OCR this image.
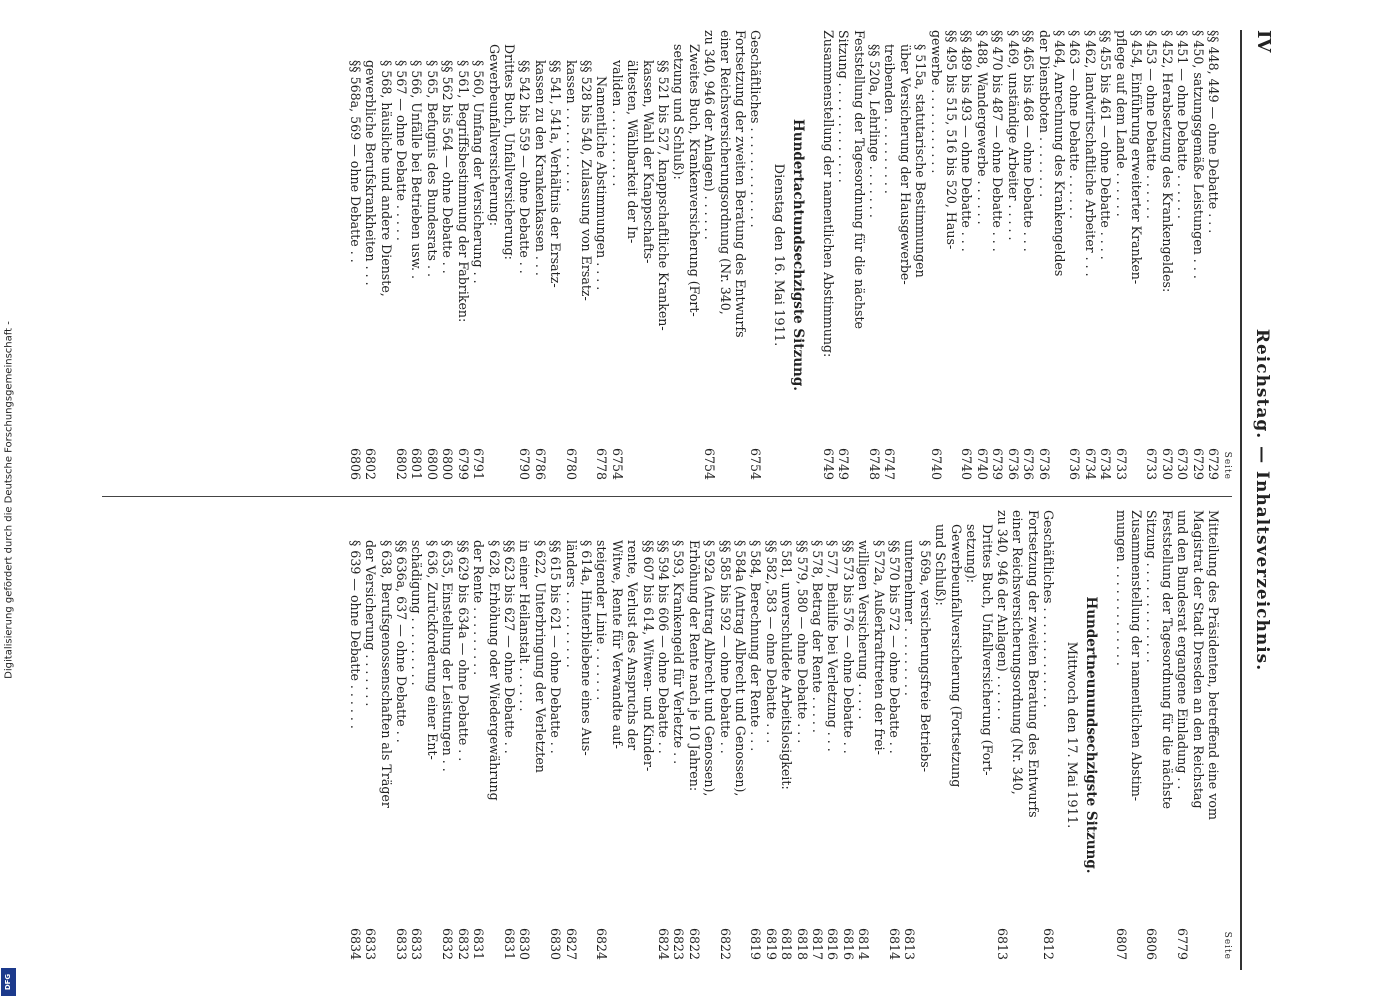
IV
Reichstag. — Inhaltsverzeichnis.
Seite
§§ 448, 449 — ohne Debatte . . .
6729
§ 450, satzungsgemäße Leistungen . . .
6729
§ 451 — ohne Debatte . . . . . .
6730
§ 452, Herabsetzung des Krankengeldes:
6730
§ 453 — ohne Debatte . . . . . .
6733
§ 454, Einführung erweiterter Kranken-
pflege auf dem Lande . . . . . .
6733
§§ 455 bis 461 — ohne Debatte . . . .
6734
§ 462, landwirtschaftliche Arbeiter . . .
6734
§ 463 — ohne Debatte . . . . . .
6736
§ 464, Anrechnung des Krankengeldes
der Dienstboten . . . . . . . .
6736
§§ 465 bis 468 — ohne Debatte . . .
6736
§ 469, unständige Arbeiter . . . . .
6736
§§ 470 bis 487 — ohne Debatte . . .
6739
§ 488, Wandergewerbe . . . . . .
6740
§§ 489 bis 493 — ohne Debatte . . .
6740
§§ 495 bis 515, 516 bis 520, Haus-
gewerbe . . . . . . . . . . .
6740
§ 515a, statutarische Bestimmungen
über Versicherung der Hausgewerbe-
treibenden . . . . . . . . . .
6747
§§ 520a, Lehrlinge . . . . . . .
6748
Feststellung der Tagesordnung für die nächste
Sitzung . . . . . . . . . . . . .
6749
Zusammenstellung der namentlichen Abstimmung:
6749
Hundertachtundsechzigste Sitzung.
Dienstag den 16. Mai 1911.
Geschäftliches . . . . . . . . . . . . .
6754
Fortsetzung der zweiten Beratung des Entwurfs
einer Reichsversicherungsordnung (Nr. 340,
zu 340, 946 der Anlagen) . . . . . .
6754
Zweites Buch, Krankenversicherung (Fort-
setzung und Schluß):
§§ 521 bis 527, knappschaftliche Kranken-
kassen, Wahl der Knappschafts-
ältesten, Wählbarkeit der In-
validen . . . . . . . . . .
6754
Namentliche Abstimmungen . . . .
6778
§§ 528 bis 540, Zulassung von Ersatz-
kassen . . . . . . . . . . .
6780
§§ 541, 541a, Verhältnis der Ersatz-
kassen zu den Krankenkassen . . .
6786
§§ 542 bis 559 — ohne Debatte . .
6790
Drittes Buch, Unfallversicherung:
Gewerbeunfallversicherung:
§ 560, Umfang der Versicherung . .
6791
§ 561, Begriffsbestimmung der Fabriken:
6799
§§ 562 bis 564 — ohne Debatte . .
6800
§ 565, Befugnis des Bundesrats . .
6800
§ 566, Unfälle bei Betrieben usw. .
6801
§ 567 — ohne Debatte . . . . .
6802
§ 568, häusliche und andere Dienste,
gewerbliche Berufskrankheiten . . .
6802
§§ 568a, 569 — ohne Debatte . .
6806
Seite
Mitteilung des Präsidenten, betreffend eine vom
Magistrat der Stadt Dresden an den Reichstag
und den Bundesrat ergangene Einladung . .
6779
Feststellung der Tagesordnung für die nächste
Sitzung . . . . . . . . . . . . .
6806
Zusammenstellung der namentlichen Abstim-
mungen . . . . . . . . . . . . .
6807
Hundertneunundsechzigste Sitzung.
Mittwoch den 17. Mai 1911.
Geschäftliches . . . . . . . . . . . . .
6812
Fortsetzung der zweiten Beratung des Entwurfs
einer Reichsversicherungsordnung (Nr. 340,
zu 340, 946 der Anlagen) . . . . . .
6813
Drittes Buch, Unfallversicherung (Fort-
setzung):
Gewerbeunfallversicherung (Fortsetzung
und Schluß):
§ 569a, versicherungsfreie Betriebs-
unternehmer . . . . . . . . .
6813
§§ 570 bis 572 — ohne Debatte . .
6814
§ 572a, Außerkrafttreten der frei-
willigen Versicherung . . . . .
6814
§§ 573 bis 576 — ohne Debatte . .
6816
§ 577, Beihilfe bei Verletzung . . .
6816
§ 578, Betrag der Rente . . . . .
6817
§§ 579, 580 — ohne Debatte . . .
6818
§ 581, unverschuldete Arbeitslosigkeit:
6818
§§ 582, 583 — ohne Debatte . . .
6819
§ 584, Berechnung der Rente . . .
6819
§ 584a (Antrag Albrecht und Genossen),
§§ 585 bis 592 — ohne Debatte . .
6822
§ 592a (Antrag Albrecht und Genossen),
Erhöhung der Rente nach je 10 Jahren:
6822
§ 593, Krankengeld für Verletzte . .
6823
§§ 594 bis 606 — ohne Debatte . .
6824
§§ 607 bis 614, Witwen- und Kinder-
rente, Verlust des Anspruchs der
Witwe, Rente für Verwandte auf-
steigender Linie . . . . . . .
6824
§ 614a, Hinterbliebene eines Aus-
länders . . . . . . . . . .
6827
§§ 615 bis 621 — ohne Debatte . .
6830
§ 622, Unterbringung der Verletzten
in einer Heilanstalt . . . . . .
6830
§§ 623 bis 627 — ohne Debatte . .
6831
§ 628, Erhöhung oder Wiedergewährung
der Rente . . . . . . . . .
6831
§§ 629 bis 634a — ohne Debatte . .
6832
§ 635, Einstellung der Leistungen . .
6832
§ 636, Zurückforderung einer Ent-
schädigung . . . . . . . . .
6833
§§ 636a, 637 — ohne Debatte . .
6833
§ 638, Berufsgenossenschaften als Träger
der Versicherung . . . . . . .
6833
§ 639 — ohne Debatte . . . . . .
6834
Digitalisierung gefördert durch die Deutsche Forschungsgemeinschaft -
DFG
